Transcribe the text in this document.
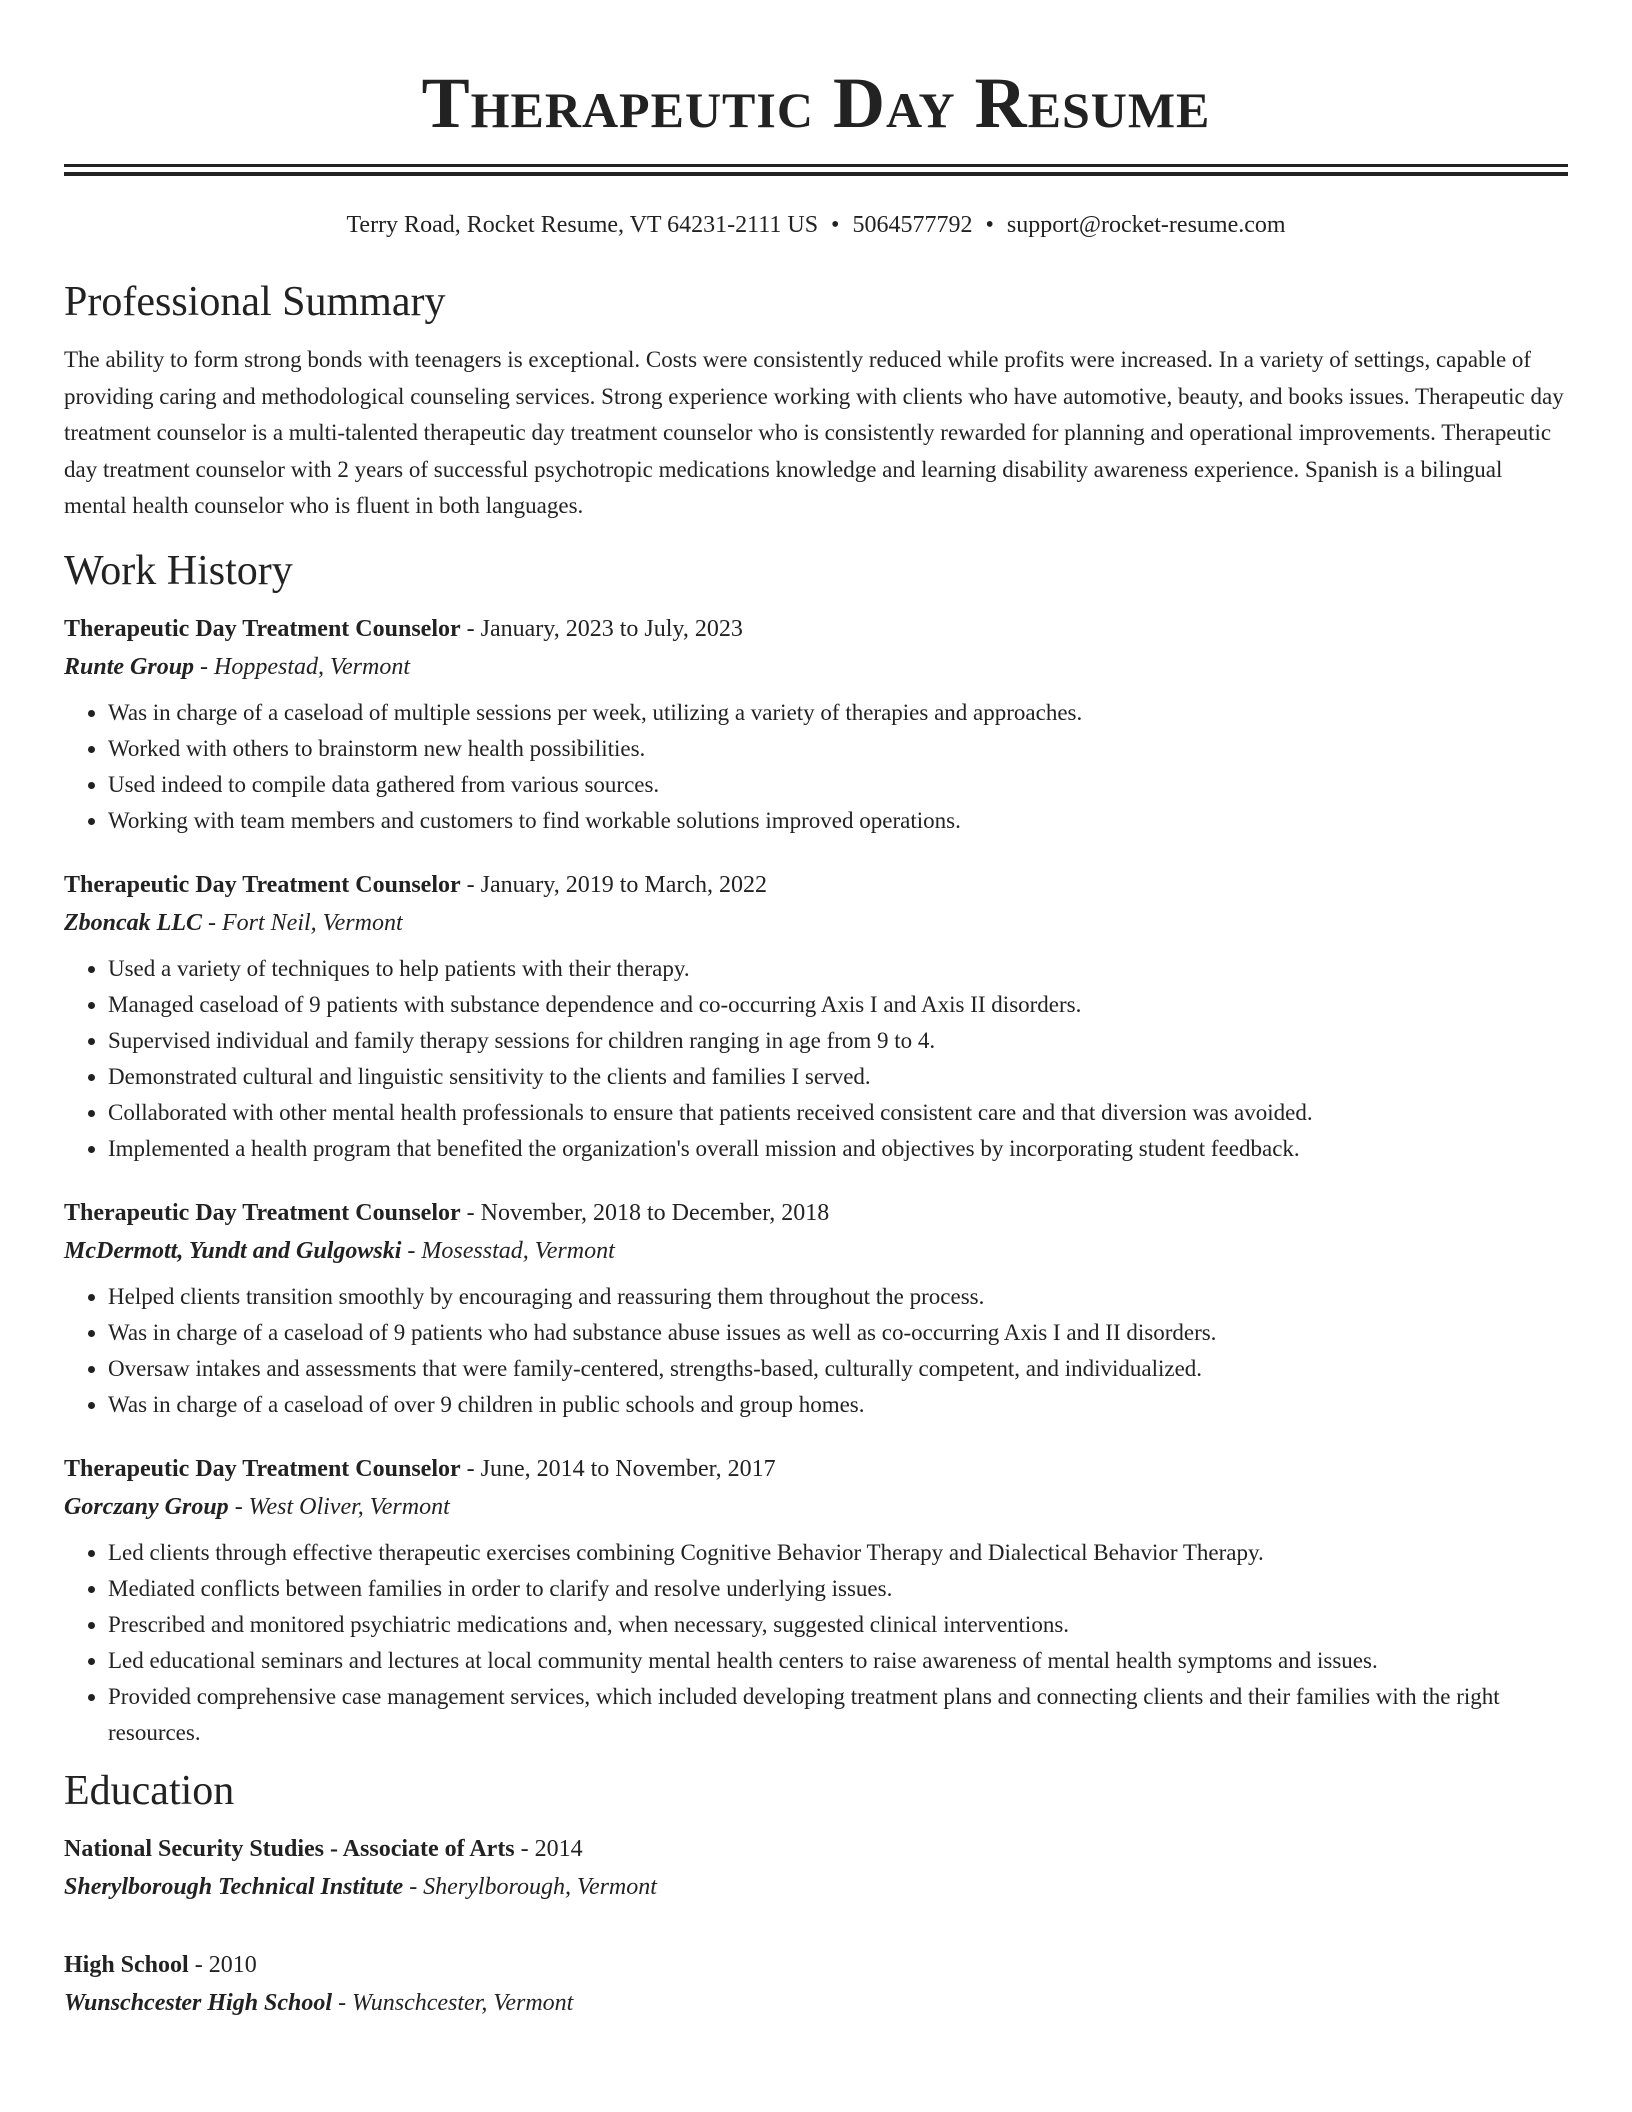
Therapeutic Day Resume
Terry Road, Rocket Resume, VT 64231-2111 US • 5064577792 • support@rocket-resume.com
Professional Summary

The ability to form strong bonds with teenagers is exceptional. Costs were consistently reduced while profits were increased. In a variety of settings, capable of providing caring and methodological counseling services. Strong experience working with clients who have automotive, beauty, and books issues. Therapeutic day treatment counselor is a multi-talented therapeutic day treatment counselor who is consistently rewarded for planning and operational improvements. Therapeutic day treatment counselor with 2 years of successful psychotropic medications knowledge and learning disability awareness experience. Spanish is a bilingual mental health counselor who is fluent in both languages.

Work History
Therapeutic Day Treatment Counselor - January, 2023 to July, 2023
Runte Group - Hoppestad, Vermont
• Was in charge of a caseload of multiple sessions per week, utilizing a variety of therapies and approaches.
• Worked with others to brainstorm new health possibilities.
• Used indeed to compile data gathered from various sources.
• Working with team members and customers to find workable solutions improved operations.
Therapeutic Day Treatment Counselor - January, 2019 to March, 2022
Zboncak LLC - Fort Neil, Vermont
• Used a variety of techniques to help patients with their therapy.
• Managed caseload of 9 patients with substance dependence and co-occurring Axis I and Axis II disorders.
• Supervised individual and family therapy sessions for children ranging in age from 9 to 4.
• Demonstrated cultural and linguistic sensitivity to the clients and families I served.
• Collaborated with other mental health professionals to ensure that patients received consistent care and that diversion was avoided.
• Implemented a health program that benefited the organization's overall mission and objectives by incorporating student feedback.
Therapeutic Day Treatment Counselor - November, 2018 to December, 2018
McDermott, Yundt and Gulgowski - Mosesstad, Vermont
• Helped clients transition smoothly by encouraging and reassuring them throughout the process.
• Was in charge of a caseload of 9 patients who had substance abuse issues as well as co-occurring Axis I and II disorders.
• Oversaw intakes and assessments that were family-centered, strengths-based, culturally competent, and individualized.
• Was in charge of a caseload of over 9 children in public schools and group homes.
Therapeutic Day Treatment Counselor - June, 2014 to November, 2017
Gorczany Group - West Oliver, Vermont
• Led clients through effective therapeutic exercises combining Cognitive Behavior Therapy and Dialectical Behavior Therapy.
• Mediated conflicts between families in order to clarify and resolve underlying issues.
• Prescribed and monitored psychiatric medications and, when necessary, suggested clinical interventions.
• Led educational seminars and lectures at local community mental health centers to raise awareness of mental health symptoms and issues.
• Provided comprehensive case management services, which included developing treatment plans and connecting clients and their families with the right resources.
Education
National Security Studies - Associate of Arts - 2014
Sherylborough Technical Institute - Sherylborough, Vermont
High School - 2010
Wunschcester High School - Wunschcester, Vermont
